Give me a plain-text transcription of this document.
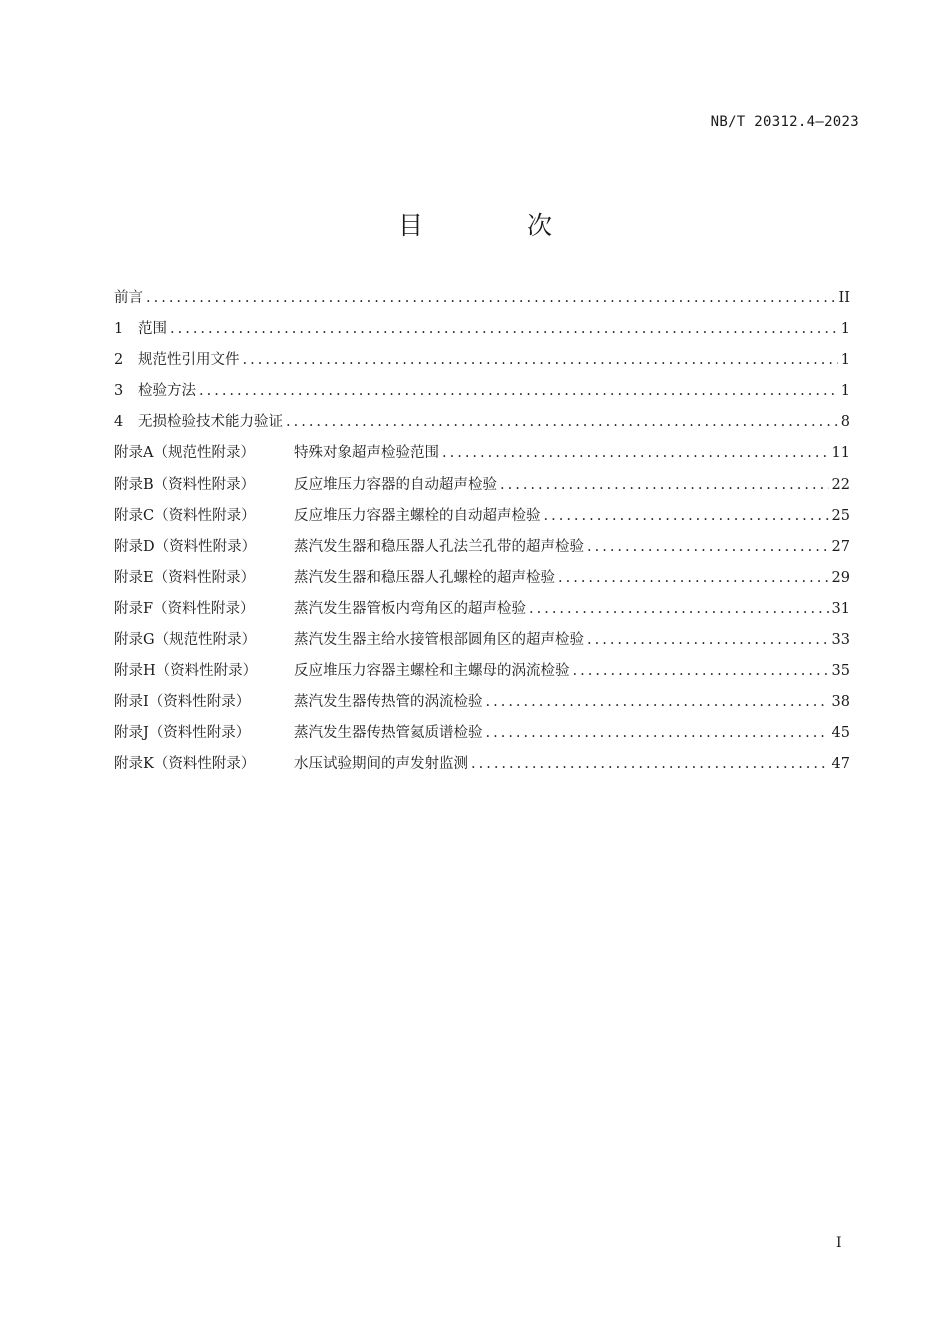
NB/T 20312.4—2023
目 次
前言 .....	II
1	范围 .....	1
2	规范性引用文件 .....	1
3	检验方法 .....	1
4	无损检验技术能力验证 .....	8
附录A（规范性附录）	特殊对象超声检验范围 .....	11
附录B（资料性附录）	反应堆压力容器的自动超声检验 .....	22
附录C（资料性附录）	反应堆压力容器主螺栓的自动超声检验 .....	25
附录D（资料性附录）	蒸汽发生器和稳压器人孔法兰孔带的超声检验 .....	27
附录E（资料性附录）	蒸汽发生器和稳压器人孔螺栓的超声检验 .....	29
附录F（资料性附录）	蒸汽发生器管板内弯角区的超声检验 .....	31
附录G（规范性附录）	蒸汽发生器主给水接管根部圆角区的超声检验 .....	33
附录H（资料性附录）	反应堆压力容器主螺栓和主螺母的涡流检验 .....	35
附录I（资料性附录）	蒸汽发生器传热管的涡流检验 .....	38
附录J（资料性附录）	蒸汽发生器传热管氦质谱检验 .....	45
附录K（资料性附录）	水压试验期间的声发射监测 .....	47
I
